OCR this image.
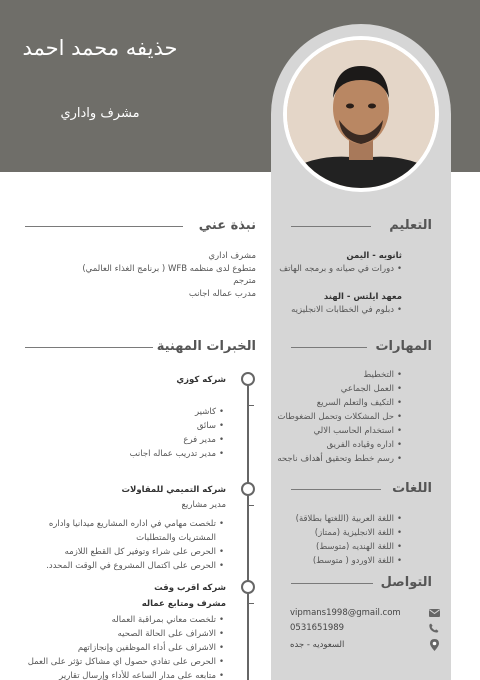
حذيفه محمد احمد
مشرف واداري
التعليم
ثانويه - اليمن
• دورات في صيانه و برمجه الهاتف
معهد ايلتس - الهند
• دبلوم في الخطابات الانجليزيه
المهارات
• التخطيط
• العمل الجماعي
• التكيف والتعلم السريع
• حل المشكلات وتحمل الضغوطات
• استخدام الحاسب الالي
• اداره وقياده الفريق
• رسم خطط وتحقيق أهداف ناجحه
اللغات
• اللغة العربية (اللغتها بطلاقة)
• اللغة الانجليزية (ممتاز)
• اللغة الهنديه (متوسط)
• اللغة الاوردو ( متوسط)
التواصل
vipmans1998@gmail.com
0531651989
السعوديه - جده
نبذة عني
مشرف اداري
متطوع لدى منظمه WFB ( برنامج الغذاء العالمي)
مترجم
مدرب عماله اجانب
الخبرات المهنية
شركه كوزي
• كاشير
• سائق
• مدير فرع
• مدير تدريب عماله اجانب
شركه التميمي للمقاولات
مدير مشاريع
• تلخصت مهامي في اداره المشاريع ميدانيا واداره المشتريات والمتطلبات
• الحرص على شراء وتوفير كل القطع اللازمه
• الحرص على اكتمال المشروع في الوقت المحدد.
شركه اقرب وقت
مشرف ومتابع عماله
• تلخصت معاني بمراقبة العماله
• الاشراف على الحالة الصحيه
• الاشراف على أداء الموظفين وإنجازاتهم
• الحرص على تفادي حصول اي مشاكل تؤثر على العمل
• متابعه على مدار الساعه للأداء وإرسال تقارير
